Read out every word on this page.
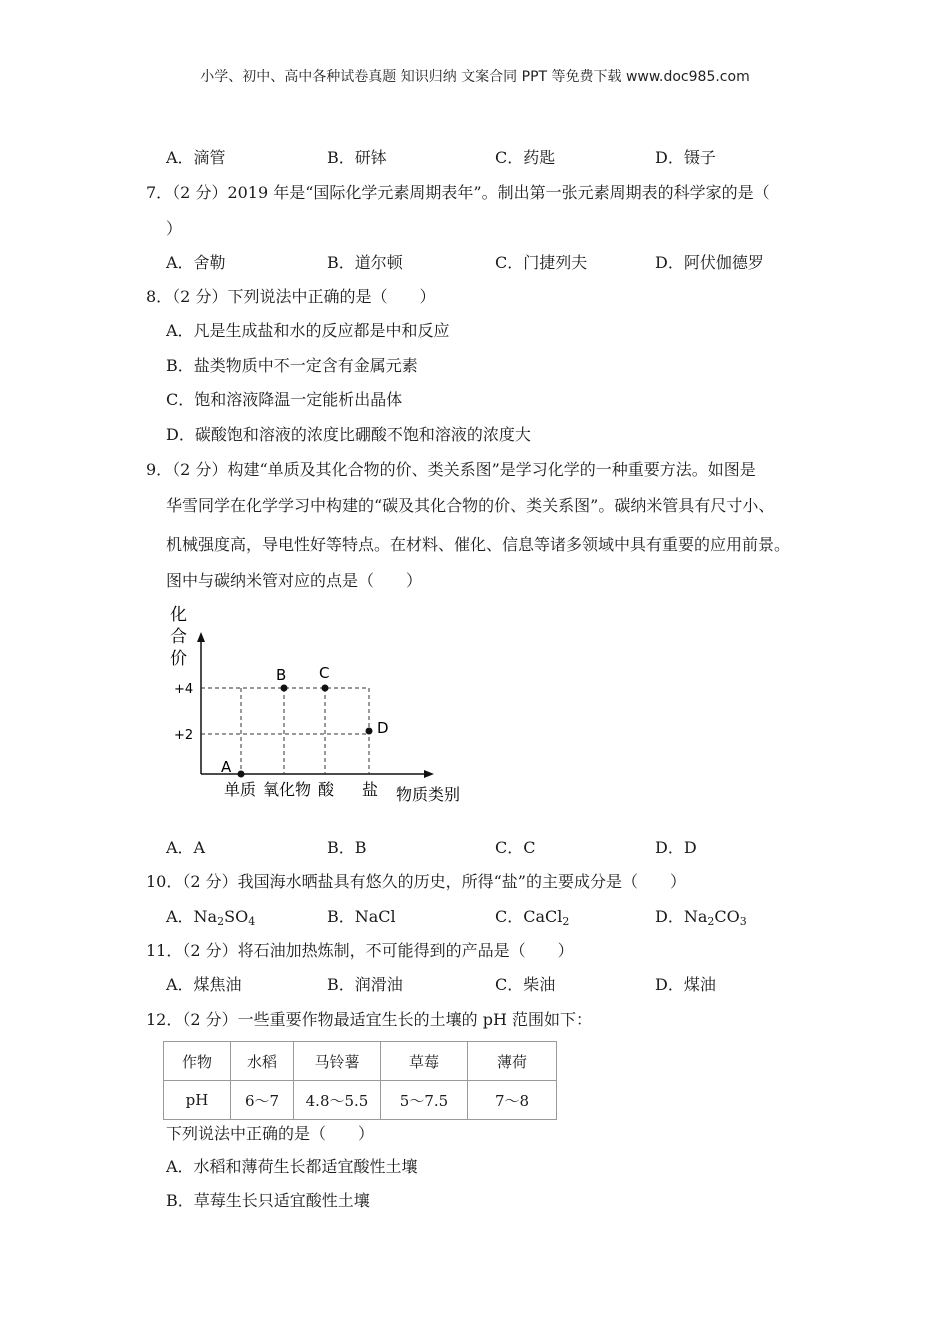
小学、初中、高中各种试卷真题 知识归纳 文案合同 PPT 等免费下载 www.doc985.com
A．滴管	B．研钵	C．药匙	D．镊子
7．（2 分）2019 年是“国际化学元素周期表年”。制出第一张元素周期表的科学家的是（
）
A．舍勒	B．道尔顿	C．门捷列夫	D．阿伏伽德罗
8．（2 分）下列说法中正确的是（　　）
A．凡是生成盐和水的反应都是中和反应
B．盐类物质中不一定含有金属元素
C．饱和溶液降温一定能析出晶体
D．碳酸饱和溶液的浓度比硼酸不饱和溶液的浓度大
9．（2 分）构建“单质及其化合物的价、类关系图”是学习化学的一种重要方法。如图是
华雪同学在化学学习中构建的“碳及其化合物的价、类关系图”。碳纳米管具有尺寸小、
机械强度高，导电性好等特点。在材料、催化、信息等诸多领域中具有重要的应用前景。
图中与碳纳米管对应的点是（　　）
化
合
价
+4
+2
A
B C
D
单质 氧化物 酸 盐 物质类别
A．A	B．B	C．C	D．D
10．（2 分）我国海水晒盐具有悠久的历史，所得“盐”的主要成分是（　　）
A．$Na_2SO_4$	B．NaCl	C．CaCl$_2$	D．$Na_2CO_3$
11．（2 分）将石油加热炼制，不可能得到的产品是（　　）
A．煤焦油	B．润滑油	C．柴油	D．煤油
12．（2 分）一些重要作物最适宜生长的土壤的 pH 范围如下：
作物	水稻	马铃薯	草莓	薄荷
pH	6～7	4.8～5.5	5～7.5	7～8
下列说法中正确的是（　　）
A．水稻和薄荷生长都适宜酸性土壤
B．草莓生长只适宜酸性土壤
